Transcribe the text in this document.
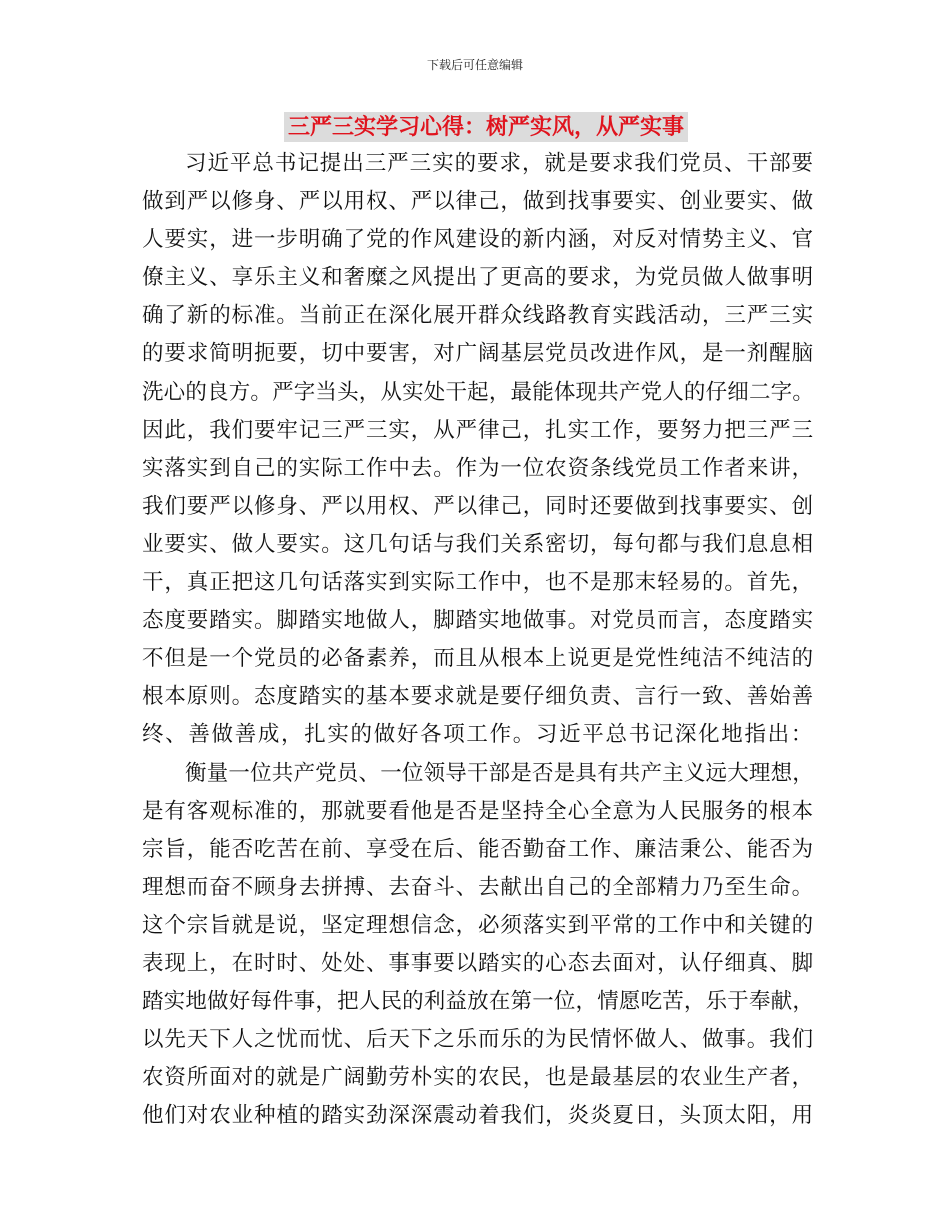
下载后可任意编辑
三严三实学习心得：树严实风，从严实事
习近平总书记提出三严三实的要求，就是要求我们党员、干部要
做到严以修身、严以用权、严以律己，做到找事要实、创业要实、做
人要实，进一步明确了党的作风建设的新内涵，对反对情势主义、官
僚主义、享乐主义和奢糜之风提出了更高的要求，为党员做人做事明
确了新的标准。当前正在深化展开群众线路教育实践活动，三严三实
的要求简明扼要，切中要害，对广阔基层党员改进作风，是一剂醒脑
洗心的良方。严字当头，从实处干起，最能体现共产党人的仔细二字。
因此，我们要牢记三严三实，从严律己，扎实工作，要努力把三严三
实落实到自己的实际工作中去。作为一位农资条线党员工作者来讲，
我们要严以修身、严以用权、严以律己，同时还要做到找事要实、创
业要实、做人要实。这几句话与我们关系密切，每句都与我们息息相
干，真正把这几句话落实到实际工作中，也不是那末轻易的。首先，
态度要踏实。脚踏实地做人，脚踏实地做事。对党员而言，态度踏实
不但是一个党员的必备素养，而且从根本上说更是党性纯洁不纯洁的
根本原则。态度踏实的基本要求就是要仔细负责、言行一致、善始善
终、善做善成，扎实的做好各项工作。习近平总书记深化地指出：
衡量一位共产党员、一位领导干部是否是具有共产主义远大理想，
是有客观标准的，那就要看他是否是坚持全心全意为人民服务的根本
宗旨，能否吃苦在前、享受在后、能否勤奋工作、廉洁秉公、能否为
理想而奋不顾身去拼搏、去奋斗、去献出自己的全部精力乃至生命。
这个宗旨就是说，坚定理想信念，必须落实到平常的工作中和关键的
表现上，在时时、处处、事事要以踏实的心态去面对，认仔细真、脚
踏实地做好每件事，把人民的利益放在第一位，情愿吃苦，乐于奉献，
以先天下人之忧而忧、后天下之乐而乐的为民情怀做人、做事。我们
农资所面对的就是广阔勤劳朴实的农民，也是最基层的农业生产者，
他们对农业种植的踏实劲深深震动着我们，炎炎夏日，头顶太阳，用
